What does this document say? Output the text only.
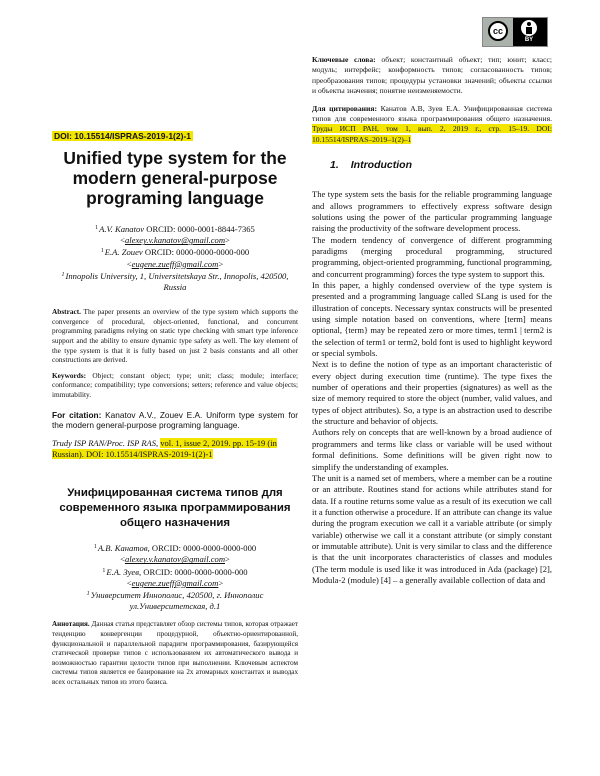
cc
BY
DOI: 10.15514/ISPRAS-2019-1(2)-1
Unified type system for the modern general-purpose programing language
$^1$A.V. Kanatov ORCID: 0000-0001-8844-7365
<alexey.v.kanatov@gmail.com>
$^1$E.A. Zouev ORCID: 0000-0000-0000-000
<eugene.zueff@gmail.com>
$^1$Innopolis University, 1, Universitetskaya Str., Innopolis, 420500, Russia
Abstract. The paper presents an overview of the type system which supports the convergence of procedural, object-oriented, functional, and concurrent programming paradigms relying on static type checking with smart type inference support and the ability to ensure dynamic type safety as well. The key element of the type system is that it is fully based on just 2 basis constants and all other constructions are derived.
Keywords: Object; constant object; type; unit; class; module; interface; conformance; compatibility; type conversions; setters; reference and value objects; immutability.
For citation: Kanatov A.V., Zouev E.A. Uniform type system for the modern general-purpose programing language.
Trudy ISP RAN/Proc. ISP RAS, vol. 1, issue 2, 2019. pp. 15-19 (in Russian). DOI: 10.15514/ISPRAS-2019-1(2)-1
Унифицированная система типов для современного языка программирования общего назначения
$^1$А.В. Канатов, ORCID: 0000-0000-0000-000
<alexey.v.kanatov@gmail.com>
$^1$Е.А. Зуев, ORCID: 0000-0000-0000-000
<eugene.zueff@gmail.com>
$^1$Университет Иннополис, 420500, г. Иннополис ул.Университетская, д.1
Аннотация. Данная статья представляет обзор системы типов, которая отражает тенденцию конвергенции процедурной, объектно-ориентированной, функциональной и параллельной парадигм программирования, базирующейся статической проверке типов с использованием их автоматического вывода и возможностью гарантии целости типов при выполнении. Ключевым аспектом системы типов является ее базирование на 2х атомарных константах и выводах всех остальных типов из этого базиса.
Ключевые слова: объект; константный объект; тип; юнит; класс; модуль; интерфейс; конформность типов; согласованность типов; преобразования типов; процедуры установки значений; объекты ссылки и объекты значения; понятие неизменяемости.
Для цитирования: Канатов А.В, Зуев Е.А. Унифицированная система типов для современного языка программирования общего назначения. Труды ИСП РАН, том 1, вып. 2, 2019 г., стр. 15–19. DOI: 10.15514/ISPRAS–2019–1(2)–1
1. Introduction

The type system sets the basis for the reliable programming language and allows programmers to effectively express software design solutions using the power of the particular programming language raising the productivity of the software development process.

The modern tendency of convergence of different programming paradigms (merging procedural programming, structured programming, object-oriented programming, functional programming, and concurrent programming) forces the type system to support this.

In this paper, a highly condensed overview of the type system is presented and a programming language called SLang is used for the illustration of concepts. Necessary syntax constructs will be presented using simple notation based on conventions, where [term] means optional, {term} may be repeated zero or more times, term1 | term2 is the selection of term1 or term2, bold font is used to highlight keyword or special symbols.

Next is to define the notion of type as an important characteristic of every object during execution time (runtime). The type fixes the number of operations and their properties (signatures) as well as the size of memory required to store the object (number, valid values, and types of object attributes). So, a type is an abstraction used to describe the structure and behavior of objects.

Authors rely on concepts that are well-known by a broad audience of programmers and terms like class or variable will be used without formal definitions. Some definitions will be given right now to simplify the understanding of examples.

The unit is a named set of members, where a member can be a routine or an attribute. Routines stand for actions while attributes stand for data. If a routine returns some value as a result of its execution we call it a function otherwise a procedure. If an attribute can change its value during the program execution we call it a variable attribute (or simply variable) otherwise we call it a constant attribute (or simply constant or immutable attribute). Unit is very similar to class and the difference is that the unit incorporates characteristics of classes and modules (The term module is used like it was introduced in Ada (package) [2], Modula-2 (module) [4] – a generally available collection of data and
